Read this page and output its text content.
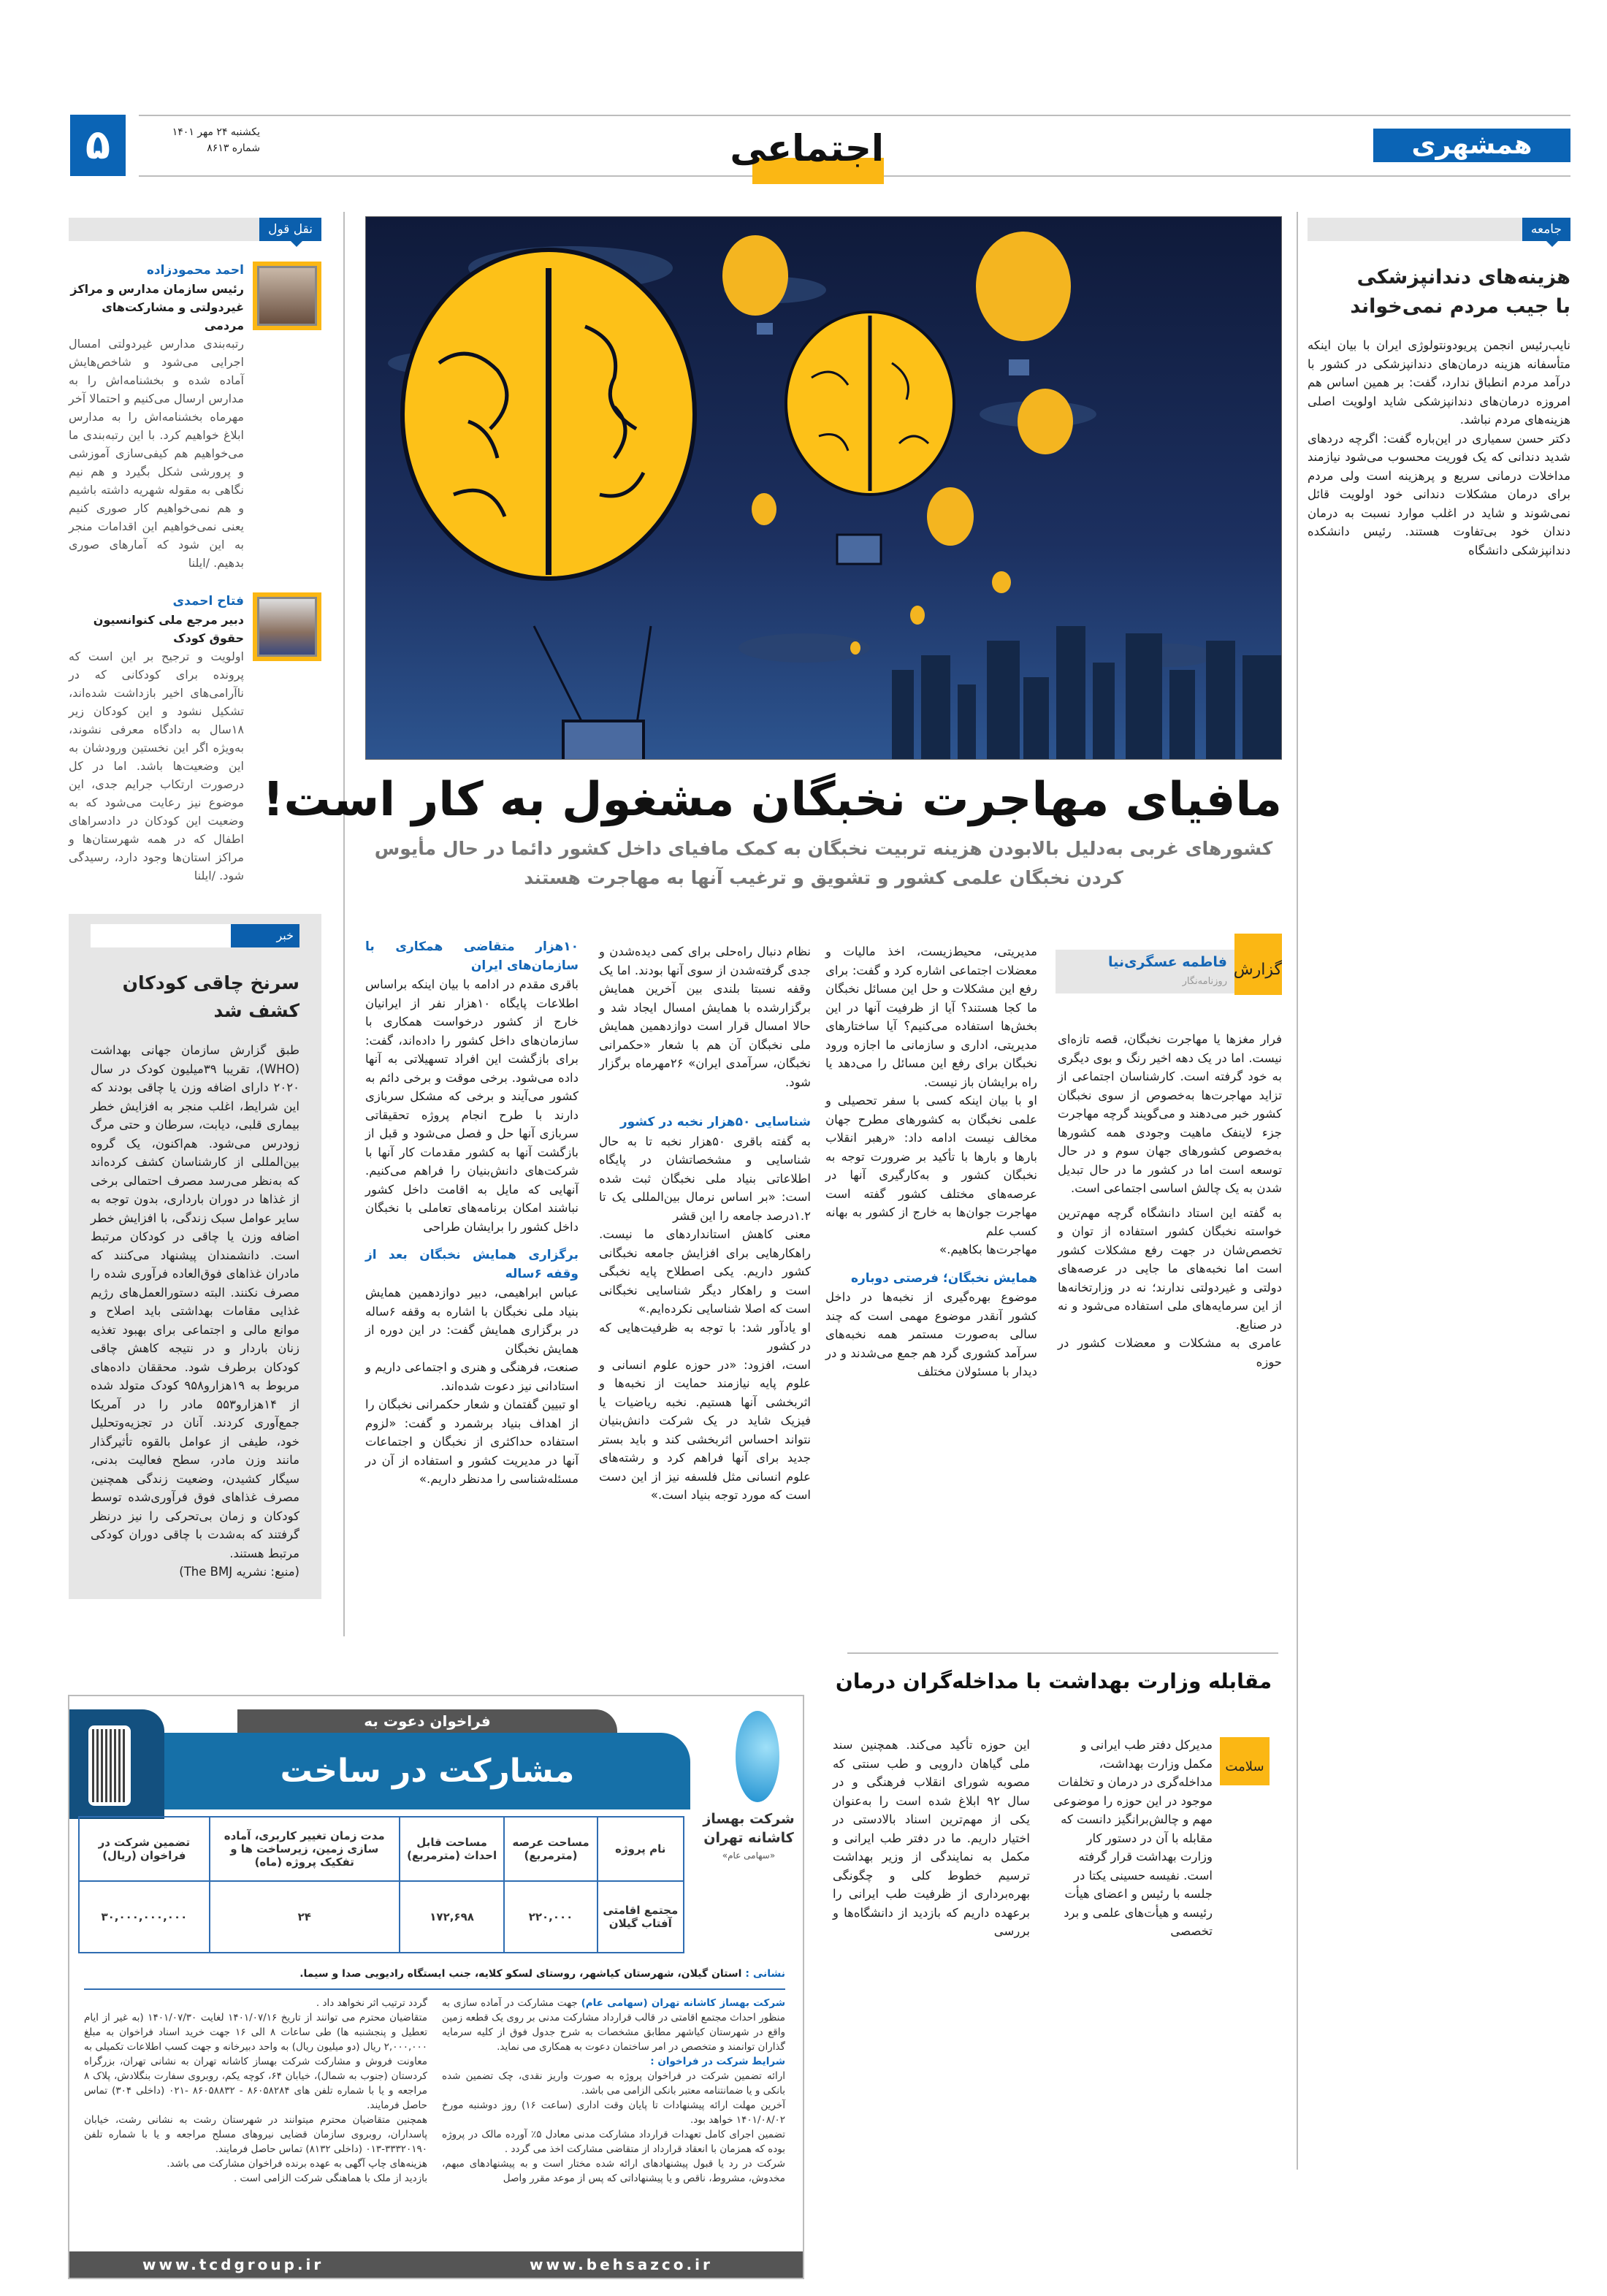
۵	یکشنبه ۲۴ مهر ۱۴۰۱
شماره ۸۶۱۳	اجتماعی	همشهری
جامعه
هزینه‌های دندانپزشکی
با جیب مردم نمی‌خواند

نایب‌رئیس انجمن پریودونتولوژی ایران با بیان اینکه متأسفانه هزینه درمان‌های دندانپزشکی در کشور با درآمد مردم انطباق ندارد، گفت: بر همین اساس هم امروزه درمان‌های دندانپزشکی شاید اولویت اصلی هزینه‌های مردم نباشد.

دکتر حسن سمیاری در این‌باره گفت: اگرچه دردهای شدید دندانی که یک فوریت محسوب می‌شود نیازمند مداخلات درمانی سریع و پرهزینه است ولی مردم برای درمان مشکلات دندانی خود اولویت قائل نمی‌شوند و شاید در اغلب موارد نسبت به درمان دندان خود بی‌تفاوت هستند. رئیس دانشکده دندانپزشکی دانشگاه

مافیای مهاجرت نخبگان مشغول به کار است!
کشورهای غربی به‌دلیل بالابودن هزینه تربیت نخبگان به کمک مافیای داخل کشور دائما در حال مأیوس کردن نخبگان علمی کشور و تشویق و ترغیب آنها به مهاجرت هستند
فاطمه عسگری‌نیا
روزنامه‌نگار
گزارش

فرار مغزها یا مهاجرت نخبگان، قصه تازه‌ای نیست. اما در یک دهه اخیر رنگ و بوی دیگری به خود گرفته است. کارشناسان اجتماعی از تزاید مهاجرت‌ها به‌خصوص از سوی نخبگان کشور خبر می‌دهند و می‌گویند گرچه مهاجرت جزء لاینفک ماهیت وجودی همه کشورها به‌خصوص کشورهای جهان سوم و در حال توسعه است اما در کشور ما در حال تبدیل شدن به یک چالش اساسی اجتماعی است.

به گفته این استاد دانشگاه گرچه مهم‌ترین خواسته نخبگان کشور استفاده از توان و تخصص‌شان در جهت رفع مشکلات کشور است اما نخبه‌های ما جایی در عرصه‌های دولتی و غیردولتی ندارند؛ نه در وزارتخانه‌ها از این سرمایه‌های ملی استفاده می‌شود و نه در صنایع.

عامری به مشکلات و معضلات کشور در حوزه

مدیریتی، محیط‌زیست، اخذ مالیات و معضلات اجتماعی اشاره کرد و گفت: برای رفع این مشکلات و حل این مسائل نخبگان ما کجا هستند؟ آیا از ظرفیت آنها در این بخش‌ها استفاده می‌کنیم؟ آیا ساختارهای مدیریتی، اداری و سازمانی ما اجازه ورود نخبگان برای رفع این مسائل را می‌دهد یا راه برایشان باز نیست.

او با بیان اینکه کسی با سفر تحصیلی و علمی نخبگان به کشورهای مطرح جهان مخالف نیست ادامه داد: «رهبر انقلاب بارها و بارها با تأکید بر ضرورت توجه به نخبگان کشور و به‌کارگیری آنها در عرصه‌های مختلف کشور گفته است مهاجرت جوان‌ها به خارج از کشور به بهانه کسب علم

مهاجرت‌ها بکاهیم.»

همایش نخبگان؛ فرصتی دوباره

موضوع بهره‌گیری از نخبه‌ها در داخل کشور آنقدر موضوع مهمی است که چند سالی به‌صورت مستمر همه نخبه‌های سرآمد کشوری گرد هم جمع می‌شدند و در دیدار با مسئولان مختلف

نظام دنبال راه‌حلی برای کمی دیده‌شدن و جدی گرفته‌شدن از سوی آنها بودند. اما یک وقفه نسبتا بلندی بین آخرین همایش برگزارشده با همایش امسال ایجاد شد و حالا امسال قرار است دوازدهمین همایش ملی نخبگان آن هم با شعار «حکمرانی نخبگان، سرآمدی ایران» ۲۶مهرماه برگزار شود.

شناسایی ۵۰هزار نخبه در کشور

به گفته باقری ۵۰هزار نخبه تا به حال شناسایی و مشخصاتشان در پایگاه اطلاعاتی بنیاد ملی نخبگان ثبت شده است: «بر اساس نرمال بین‌المللی یک تا ۱.۲درصد جامعه را این قشر

معنی کاهش استانداردهای ما نیست. راهکارهایی برای افزایش جامعه نخبگانی کشور داریم. یکی اصطلاح پایه نخبگی است و راهکار دیگر شناسایی نخبگانی است که اصلا شناسایی نکرده‌ایم.»

او یادآور شد: با توجه به ظرفیت‌هایی که در کشور

است، افزود: «در حوزه علوم انسانی و علوم پایه نیازمند حمایت از نخبه‌ها و اثربخشی آنها هستیم. نخبه ریاضیات یا فیزیک شاید در یک شرکت دانش‌بنیان نتواند احساس اثربخشی کند و باید بستر جدید برای آنها فراهم کرد و رشته‌های علوم انسانی مثل فلسفه نیز از این دست است که مورد توجه بنیاد است.»

۱۰هزار متقاضی همکاری با سازمان‌های ایران

باقری مقدم در ادامه با بیان اینکه براساس اطلاعات پایگاه ۱۰هزار نفر از ایرانیان خارج از کشور درخواست همکاری با سازمان‌های داخل کشور را داده‌اند، گفت: برای بازگشت این افراد تسهیلاتی به آنها داده می‌شود. برخی موقت و برخی دائم به کشور می‌آیند و برخی که مشکل سربازی دارند با طرح انجام پروژه تحقیقاتی سربازی آنها حل و فصل می‌شود و قبل از بازگشت آنها به کشور مقدمات کار آنها با شرکت‌های دانش‌بنیان را فراهم می‌کنیم. آنهایی که مایل به اقامت داخل کشور نباشند امکان برنامه‌های تعاملی با نخبگان داخل کشور را برایشان طراحی

برگزاری همایش نخبگان بعد از وقفه ۶ساله

عباس ابراهیمی، دبیر دوازدهمین همایش بنیاد ملی نخبگان با اشاره به وقفه ۶ساله در برگزاری همایش گفت: در این دوره از همایش نخبگان

صنعت، فرهنگی و هنری و اجتماعی داریم و استادانی نیز دعوت شده‌اند.

او تبیین گفتمان و شعار حکمرانی نخبگان را از اهداف بنیاد برشمرد و گفت: «لزوم استفاده حداکثری از نخبگان و اجتماعات آنها در مدیریت کشور و استفاده از آن در مسئله‌شناسی را مدنظر داریم.»

نقل قول
احمد محمودزاده
رئیس سازمان مدارس و مراکز غیردولتی و مشارکت‌های مردمی
رتبه‌بندی مدارس غیردولتی امسال اجرایی می‌شود و شاخص‌هایش آماده شده و بخشنامه‌اش را به مدارس ارسال می‌کنیم و احتمالا آخر مهرماه بخشنامه‌اش را به مدارس ابلاغ خواهیم کرد. با این رتبه‌بندی ما می‌خواهیم هم کیفی‌سازی آموزشی و پرورشی شکل بگیرد و هم نیم نگاهی به مقوله شهریه داشته باشیم و هم نمی‌خواهیم کار صوری کنیم یعنی نمی‌خواهیم این اقدامات منجر به این شود که آمارهای صوری بدهیم. /ایلنا
فتاح احمدی
دبیر مرجع ملی کنوانسیون حقوق کودک
اولویت و ترجیح بر این است که پرونده برای کودکانی که در ناآرامی‌های اخیر بازداشت شده‌اند، تشکیل نشود و این کودکان زیر ۱۸سال به دادگاه معرفی نشوند، به‌ویژه اگر این نخستین ورودشان به این وضعیت‌ها باشد. اما در کل درصورت ارتکاب جرایم جدی، این موضوع نیز رعایت می‌شود که به وضعیت این کودکان در دادسراهای اطفال که در همه شهرستان‌ها و مراکز استان‌ها وجود دارد، رسیدگی شود. /ایلنا
خبر
سرنخ چاقی کودکان
کشف شد

طبق گزارش سازمان جهانی بهداشت (WHO)، تقریبا ۳۹میلیون کودک در سال ۲۰۲۰ دارای اضافه وزن یا چاقی بودند که این شرایط، اغلب منجر به افزایش خطر بیماری قلبی، دیابت، سرطان و حتی مرگ زودرس می‌شود. هم‌اکنون، یک گروه بین‌المللی از کارشناسان کشف کرده‌اند که به‌نظر می‌رسد مصرف احتمالی برخی از غذاها در دوران بارداری، بدون توجه به سایر عوامل سبک زندگی، با افزایش خطر اضافه وزن یا چاقی در کودکان مرتبط است. دانشمندان پیشنهاد می‌کنند که مادران غذاهای فوق‌العاده فرآوری شده را مصرف نکنند. البته دستورالعمل‌های رژیم غذایی مقامات بهداشتی باید اصلاح و موانع مالی و اجتماعی برای بهبود تغذیه زنان باردار و در نتیجه کاهش چاقی کودکان برطرف شود. محققان داده‌های مربوط به ۱۹هزارو۹۵۸ کودک متولد شده از ۱۴هزارو۵۵۳ مادر را در آمریکا جمع‌آوری کردند. آنان در تجزیه‌وتحلیل خود، طیفی از عوامل بالقوه تأثیرگذار مانند وزن مادر، سطح فعالیت بدنی، سیگار کشیدن، وضعیت زندگی همچنین مصرف غذاهای فوق فرآوری‌شده توسط کودکان و زمان بی‌تحرکی را نیز درنظر گرفتند که به‌شدت با چاقی دوران کودکی مرتبط هستند.

(منبع: نشریه The BMJ)

مقابله وزارت بهداشت با مداخله‌گران درمان
سلامت

مدیرکل دفتر طب ایرانی و مکمل وزارت بهداشت، مداخله‌گری در درمان و تخلفات موجود در این حوزه را موضوعی مهم و چالش‌برانگیز دانست که مقابله با آن در دستور کار وزارت بهداشت قرار گرفته است. نفیسه حسینی یکتا در جلسه با رئیس و اعضای هیأت رئیسه و هیأت‌های علمی و برد تخصصی

این حوزه تأکید می‌کند. همچنین سند ملی گیاهان دارویی و طب سنتی که مصوبه شورای انقلاب فرهنگی و در سال ۹۲ ابلاغ شده است را به‌عنوان یکی از مهم‌ترین اسناد بالادستی در اختیار داریم. ما در دفتر طب ایرانی و مکمل به نمایندگی از وزیر بهداشت ترسیم خطوط کلی و چگونگی بهره‌برداری از ظرفیت طب ایرانی را برعهده داریم که بازدید از دانشگاه‌ها و بررسی

فراخوان دعوت به
مشارکت در ساخت
شرکت بهساز کاشانه تهران
«سهامی عام»
نام پروژه	مساحت عرصه (مترمربع)	مساحت قابل احداث (مترمربع)	مدت زمان تغییر کاربری، آماده سازی زمین، زیرساخت ها و تفکیک پروژه (ماه)	تضمین شرکت در فراخوان (ریال)
مجتمع اقامتی آفتاب گیلان	۲۲۰,۰۰۰	۱۷۲,۶۹۸	۲۴	۳۰,۰۰۰,۰۰۰,۰۰۰
نشانی : استان گیلان، شهرستان کیاشهر، روستای لسکو کلایه، جنب ایستگاه رادیویی صدا و سیما.

شرکت بهساز کاشانه تهران (سهامی عام) جهت مشارکت در آماده سازی به منظور احداث مجتمع اقامتی در قالب قرارداد مشارکت مدنی بر روی یک قطعه زمین واقع در شهرستان کیاشهر مطابق مشخصات به شرح جدول فوق از کلیه سرمایه گذاران توانمند و متخصص در امر ساختمان دعوت به همکاری می نماید.

شرایط شرکت در فراخوان :

ارائه تضمین شرکت در فراخوان پروژه به صورت واریز نقدی، چک تضمین شده بانکی و یا ضمانتنامه معتبر بانکی الزامی می باشد.

آخرین مهلت ارائه پیشنهادات تا پایان وقت اداری (ساعت ۱۶) روز دوشنبه مورخ ۱۴۰۱/۰۸/۰۲ خواهد بود.

تضمین اجرای کامل تعهدات قرارداد مشارکت مدنی معادل ۵٪ آورده مالک در پروژه بوده که همزمان با انعقاد قرارداد از متقاضی مشارکت اخذ می گردد .

شرکت در رد یا قبول پیشنهادهای ارائه شده مختار است و به پیشنهادهای مبهم، مخدوش، مشروط، ناقص و یا پیشنهاداتی که پس از موعد مقرر واصل

گردد ترتیب اثر نخواهد داد .

متقاضیان محترم می توانند از تاریخ ۱۴۰۱/۰۷/۱۶ لغایت ۱۴۰۱/۰۷/۳۰ (به غیر از ایام تعطیل و پنجشنبه ها) طی ساعات ۸ الی ۱۶ جهت خرید اسناد فراخوان به مبلغ ۲,۰۰۰,۰۰۰ ریال (دو میلیون ریال) به واحد دبیرخانه و جهت کسب اطلاعات تکمیلی به معاونت فروش و مشارکت شرکت بهساز کاشانه تهران به نشانی تهران، بزرگراه کردستان (جنوب به شمال)، خیابان ۶۴، کوچه یکم، روبروی سفارت بنگلادش، پلاک ۸ مراجعه و یا با شماره تلفن های ۸۶۰۵۸۲۸۴ - ۸۶۰۵۸۸۳۲ -۰۲۱ (داخلی ۳۰۴) تماس حاصل فرمایند.

همچنین متقاضیان محترم میتوانند در شهرستان رشت به نشانی رشت، خیابان پاسداران، روبروی سازمان قضایی نیروهای مسلح مراجعه و یا با شماره تلفن ۳۳۳۲۰۱۹۰-۰۱۳ (داخلی ۸۱۳۲) تماس حاصل فرمایند.

هزینه‌های چاپ آگهی به عهده برنده فراخوان مشارکت می باشد.

بازدید از ملک با هماهنگی شرکت الزامی است .

www.tcdgroup.ir	www.behsazco.ir
